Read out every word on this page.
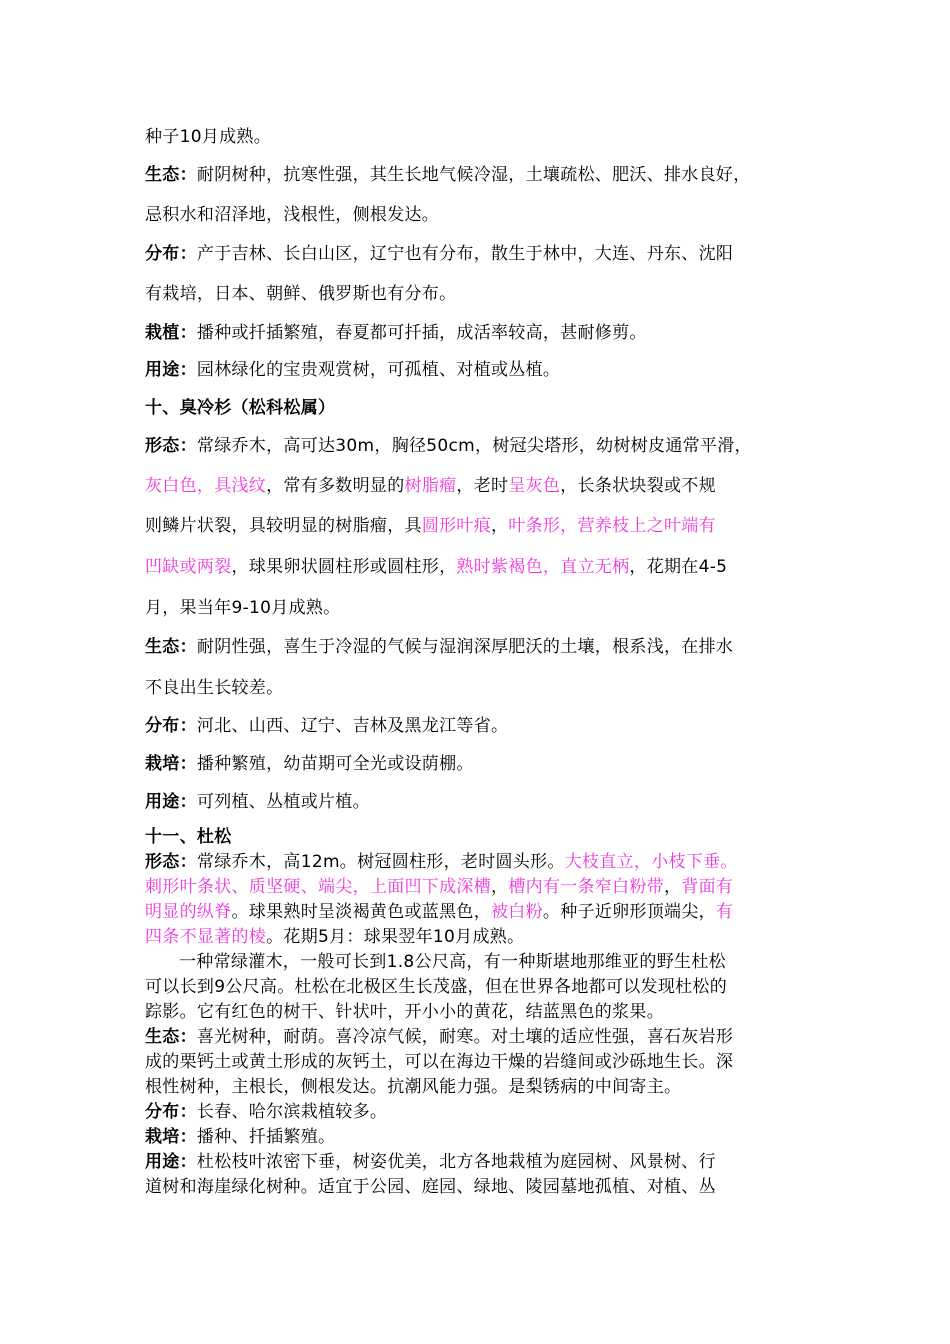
种子10月成熟。
生态：耐阴树种，抗寒性强，其生长地气候冷湿，土壤疏松、肥沃、排水良好，
忌积水和沼泽地，浅根性，侧根发达。
分布：产于吉林、长白山区，辽宁也有分布，散生于林中，大连、丹东、沈阳
有栽培，日本、朝鲜、俄罗斯也有分布。
栽植：播种或扦插繁殖，春夏都可扦插，成活率较高，甚耐修剪。
用途：园林绿化的宝贵观赏树，可孤植、对植或丛植。
十、臭冷杉（松科松属）
形态：常绿乔木，高可达30m，胸径50cm，树冠尖塔形，幼树树皮通常平滑，
灰白色，具浅纹，常有多数明显的树脂瘤，老时呈灰色，长条状块裂或不规
则鳞片状裂，具较明显的树脂瘤，具圆形叶痕，叶条形，营养枝上之叶端有
凹缺或两裂，球果卵状圆柱形或圆柱形，熟时紫褐色，直立无柄，花期在4-5
月，果当年9-10月成熟。
生态：耐阴性强，喜生于冷湿的气候与湿润深厚肥沃的土壤，根系浅，在排水
不良出生长较差。
分布：河北、山西、辽宁、吉林及黑龙江等省。
栽培：播种繁殖，幼苗期可全光或设荫棚。
用途：可列植、丛植或片植。
十一、杜松
形态：常绿乔木，高12m。树冠圆柱形，老时圆头形。大枝直立，小枝下垂。
刺形叶条状、质坚硬、端尖，上面凹下成深槽，槽内有一条窄白粉带，背面有
明显的纵脊。球果熟时呈淡褐黄色或蓝黑色，被白粉。种子近卵形顶端尖，有
四条不显著的棱。花期5月：球果翌年10月成熟。
一种常绿灌木，一般可长到1.8公尺高，有一种斯堪地那维亚的野生杜松
可以长到9公尺高。杜松在北极区生长茂盛，但在世界各地都可以发现杜松的
踪影。它有红色的树干、针状叶，开小小的黄花，结蓝黑色的浆果。
生态：喜光树种，耐荫。喜冷凉气候，耐寒。对土壤的适应性强，喜石灰岩形
成的栗钙土或黄土形成的灰钙土，可以在海边干燥的岩缝间或沙砾地生长。深
根性树种，主根长，侧根发达。抗潮风能力强。是梨锈病的中间寄主。
分布：长春、哈尔滨栽植较多。
栽培：播种、扦插繁殖。
用途：杜松枝叶浓密下垂，树姿优美，北方各地栽植为庭园树、风景树、行
道树和海崖绿化树种。适宜于公园、庭园、绿地、陵园墓地孤植、对植、丛
